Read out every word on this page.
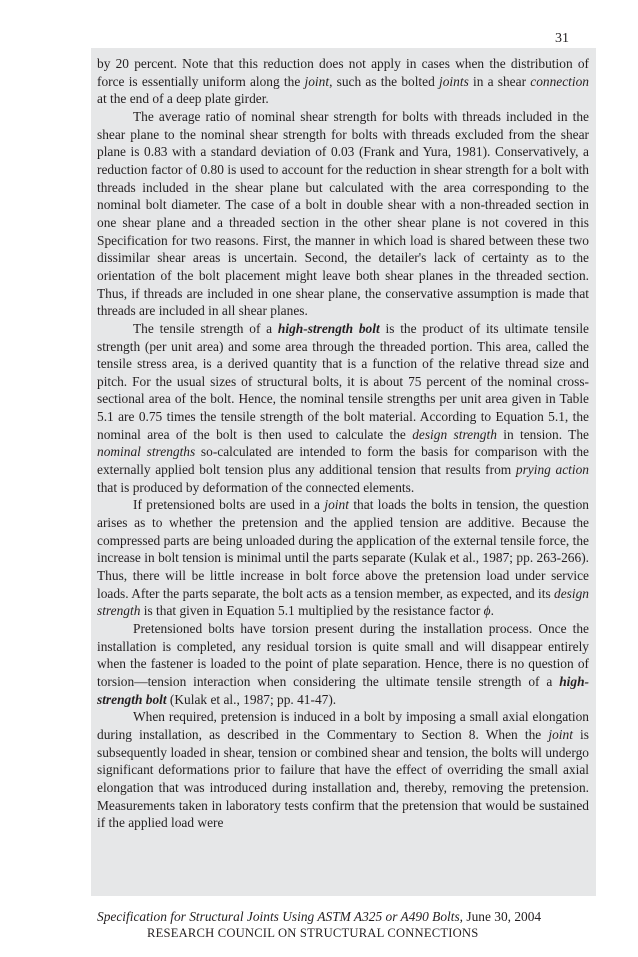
31

by 20 percent. Note that this reduction does not apply in cases when the distribution of force is essentially uniform along the joint, such as the bolted joints in a shear connection at the end of a deep plate girder.

The average ratio of nominal shear strength for bolts with threads included in the shear plane to the nominal shear strength for bolts with threads excluded from the shear plane is 0.83 with a standard deviation of 0.03 (Frank and Yura, 1981). Conservatively, a reduction factor of 0.80 is used to account for the reduction in shear strength for a bolt with threads included in the shear plane but calculated with the area corresponding to the nominal bolt diameter. The case of a bolt in double shear with a non-threaded section in one shear plane and a threaded section in the other shear plane is not covered in this Specification for two reasons. First, the manner in which load is shared between these two dissimilar shear areas is uncertain. Second, the detailer's lack of certainty as to the orientation of the bolt placement might leave both shear planes in the threaded section. Thus, if threads are included in one shear plane, the conservative assumption is made that threads are included in all shear planes.

The tensile strength of a high-strength bolt is the product of its ultimate tensile strength (per unit area) and some area through the threaded portion. This area, called the tensile stress area, is a derived quantity that is a function of the relative thread size and pitch. For the usual sizes of structural bolts, it is about 75 percent of the nominal cross-sectional area of the bolt. Hence, the nominal tensile strengths per unit area given in Table 5.1 are 0.75 times the tensile strength of the bolt material. According to Equation 5.1, the nominal area of the bolt is then used to calculate the design strength in tension. The nominal strengths so-calculated are intended to form the basis for comparison with the externally applied bolt tension plus any additional tension that results from prying action that is produced by deformation of the connected elements.

If pretensioned bolts are used in a joint that loads the bolts in tension, the question arises as to whether the pretension and the applied tension are additive. Because the compressed parts are being unloaded during the application of the external tensile force, the increase in bolt tension is minimal until the parts separate (Kulak et al., 1987; pp. 263-266). Thus, there will be little increase in bolt force above the pretension load under service loads. After the parts separate, the bolt acts as a tension member, as expected, and its design strength is that given in Equation 5.1 multiplied by the resistance factor ϕ.

Pretensioned bolts have torsion present during the installation process. Once the installation is completed, any residual torsion is quite small and will disappear entirely when the fastener is loaded to the point of plate separation. Hence, there is no question of torsion—tension interaction when considering the ultimate tensile strength of a high-strength bolt (Kulak et al., 1987; pp. 41-47).

When required, pretension is induced in a bolt by imposing a small axial elongation during installation, as described in the Commentary to Section 8. When the joint is subsequently loaded in shear, tension or combined shear and tension, the bolts will undergo significant deformations prior to failure that have the effect of overriding the small axial elongation that was introduced during installation and, thereby, removing the pretension. Measurements taken in laboratory tests confirm that the pretension that would be sustained if the applied load were

Specification for Structural Joints Using ASTM A325 or A490 Bolts, June 30, 2004
RESEARCH COUNCIL ON STRUCTURAL CONNECTIONS
